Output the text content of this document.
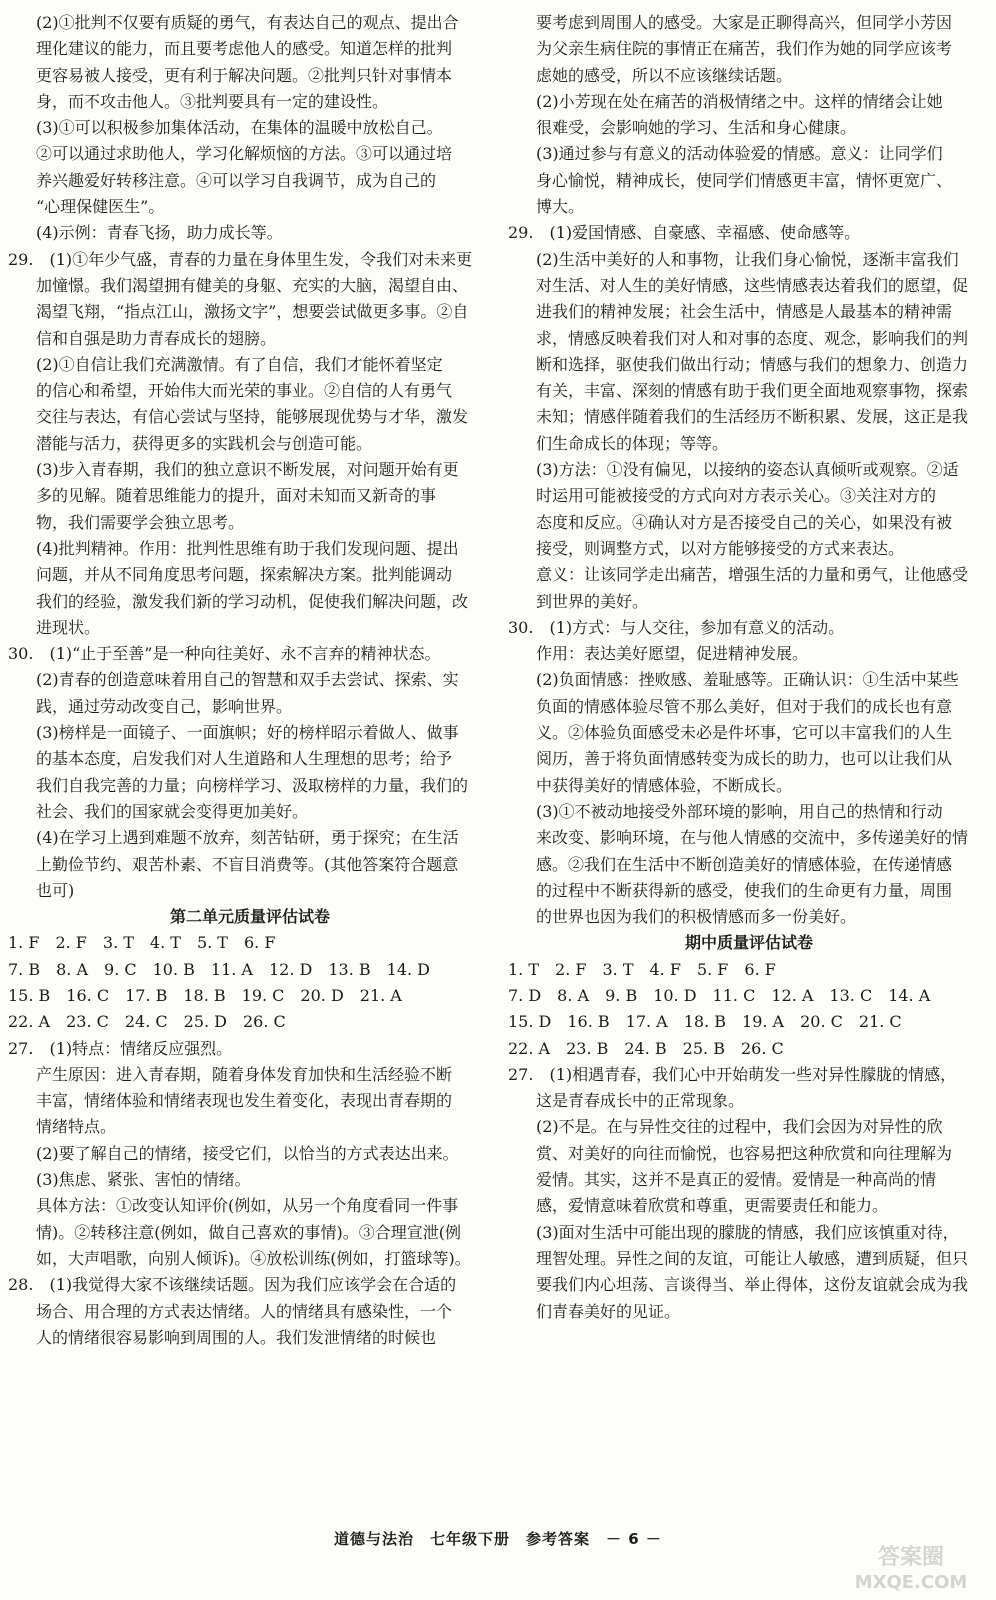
(2)①批判不仅要有质疑的勇气，有表达自己的观点、提出合
理化建议的能力，而且要考虑他人的感受。知道怎样的批判
更容易被人接受，更有利于解决问题。②批判只针对事情本
身，而不攻击他人。③批判要具有一定的建设性。
(3)①可以积极参加集体活动，在集体的温暖中放松自己。
②可以通过求助他人，学习化解烦恼的方法。③可以通过培
养兴趣爱好转移注意。④可以学习自我调节，成为自己的
“心理保健医生”。
(4)示例：青春飞扬，助力成长等。
29.　(1)①年少气盛，青春的力量在身体里生发，令我们对未来更
加憧憬。我们渴望拥有健美的身躯、充实的大脑，渴望自由、
渴望飞翔，“指点江山，激扬文字”，想要尝试做更多事。②自
信和自强是助力青春成长的翅膀。
(2)①自信让我们充满激情。有了自信，我们才能怀着坚定
的信心和希望，开始伟大而光荣的事业。②自信的人有勇气
交往与表达，有信心尝试与坚持，能够展现优势与才华，激发
潜能与活力，获得更多的实践机会与创造可能。
(3)步入青春期，我们的独立意识不断发展，对问题开始有更
多的见解。随着思维能力的提升，面对未知而又新奇的事
物，我们需要学会独立思考。
(4)批判精神。作用：批判性思维有助于我们发现问题、提出
问题，并从不同角度思考问题，探索解决方案。批判能调动
我们的经验，激发我们新的学习动机，促使我们解决问题，改
进现状。
30.　(1)“止于至善”是一种向往美好、永不言弃的精神状态。
(2)青春的创造意味着用自己的智慧和双手去尝试、探索、实
践，通过劳动改变自己，影响世界。
(3)榜样是一面镜子、一面旗帜；好的榜样昭示着做人、做事
的基本态度，启发我们对人生道路和人生理想的思考；给予
我们自我完善的力量；向榜样学习、汲取榜样的力量，我们的
社会、我们的国家就会变得更加美好。
(4)在学习上遇到难题不放弃，刻苦钻研，勇于探究；在生活
上勤俭节约、艰苦朴素、不盲目消费等。(其他答案符合题意
也可)
第二单元质量评估试卷
1. F　2. F　3. T　4. T　5. T　6. F
7. B　8. A　9. C　10. B　11. A　12. D　13. B　14. D
15. B　16. C　17. B　18. B　19. C　20. D　21. A
22. A　23. C　24. C　25. D　26. C
27.　(1)特点：情绪反应强烈。
产生原因：进入青春期，随着身体发育加快和生活经验不断
丰富，情绪体验和情绪表现也发生着变化，表现出青春期的
情绪特点。
(2)要了解自己的情绪，接受它们，以恰当的方式表达出来。
(3)焦虑、紧张、害怕的情绪。
具体方法：①改变认知评价(例如，从另一个角度看同一件事
情)。②转移注意(例如，做自己喜欢的事情)。③合理宣泄(例
如，大声唱歌，向别人倾诉)。④放松训练(例如，打篮球等)。
28.　(1)我觉得大家不该继续话题。因为我们应该学会在合适的
场合、用合理的方式表达情绪。人的情绪具有感染性，一个
人的情绪很容易影响到周围的人。我们发泄情绪的时候也
要考虑到周围人的感受。大家是正聊得高兴，但同学小芳因
为父亲生病住院的事情正在痛苦，我们作为她的同学应该考
虑她的感受，所以不应该继续话题。
(2)小芳现在处在痛苦的消极情绪之中。这样的情绪会让她
很难受，会影响她的学习、生活和身心健康。
(3)通过参与有意义的活动体验爱的情感。意义：让同学们
身心愉悦，精神成长，使同学们情感更丰富，情怀更宽广、
博大。
29.　(1)爱国情感、自豪感、幸福感、使命感等。
(2)生活中美好的人和事物，让我们身心愉悦，逐渐丰富我们
对生活、对人生的美好情感，这些情感表达着我们的愿望，促
进我们的精神发展；社会生活中，情感是人最基本的精神需
求，情感反映着我们对人和对事的态度、观念，影响我们的判
断和选择，驱使我们做出行动；情感与我们的想象力、创造力
有关，丰富、深刻的情感有助于我们更全面地观察事物，探索
未知；情感伴随着我们的生活经历不断积累、发展，这正是我
们生命成长的体现；等等。
(3)方法：①没有偏见，以接纳的姿态认真倾听或观察。②适
时运用可能被接受的方式向对方表示关心。③关注对方的
态度和反应。④确认对方是否接受自己的关心，如果没有被
接受，则调整方式，以对方能够接受的方式来表达。
意义：让该同学走出痛苦，增强生活的力量和勇气，让他感受
到世界的美好。
30.　(1)方式：与人交往，参加有意义的活动。
作用：表达美好愿望，促进精神发展。
(2)负面情感：挫败感、羞耻感等。正确认识：①生活中某些
负面的情感体验尽管不那么美好，但对于我们的成长也有意
义。②体验负面感受未必是件坏事，它可以丰富我们的人生
阅历，善于将负面情感转变为成长的助力，也可以让我们从
中获得美好的情感体验，不断成长。
(3)①不被动地接受外部环境的影响，用自己的热情和行动
来改变、影响环境，在与他人情感的交流中，多传递美好的情
感。②我们在生活中不断创造美好的情感体验，在传递情感
的过程中不断获得新的感受，使我们的生命更有力量，周围
的世界也因为我们的积极情感而多一份美好。
期中质量评估试卷
1. T　2. F　3. T　4. F　5. F　6. F
7. D　8. A　9. B　10. D　11. C　12. A　13. C　14. A
15. D　16. B　17. A　18. B　19. A　20. C　21. C
22. A　23. B　24. B　25. B　26. C
27.　(1)相遇青春，我们心中开始萌发一些对异性朦胧的情感，
这是青春成长中的正常现象。
(2)不是。在与异性交往的过程中，我们会因为对异性的欣
赏、对美好的向往而愉悦，也容易把这种欣赏和向往理解为
爱情。其实，这并不是真正的爱情。爱情是一种高尚的情
感，爱情意味着欣赏和尊重，更需要责任和能力。
(3)面对生活中可能出现的朦胧的情感，我们应该慎重对待，
理智处理。异性之间的友谊，可能让人敏感，遭到质疑，但只
要我们内心坦荡、言谈得当、举止得体，这份友谊就会成为我
们青春美好的见证。
道德与法治　七年级下册　参考答案　－ 6 －
答案圈
MXQE.COM
